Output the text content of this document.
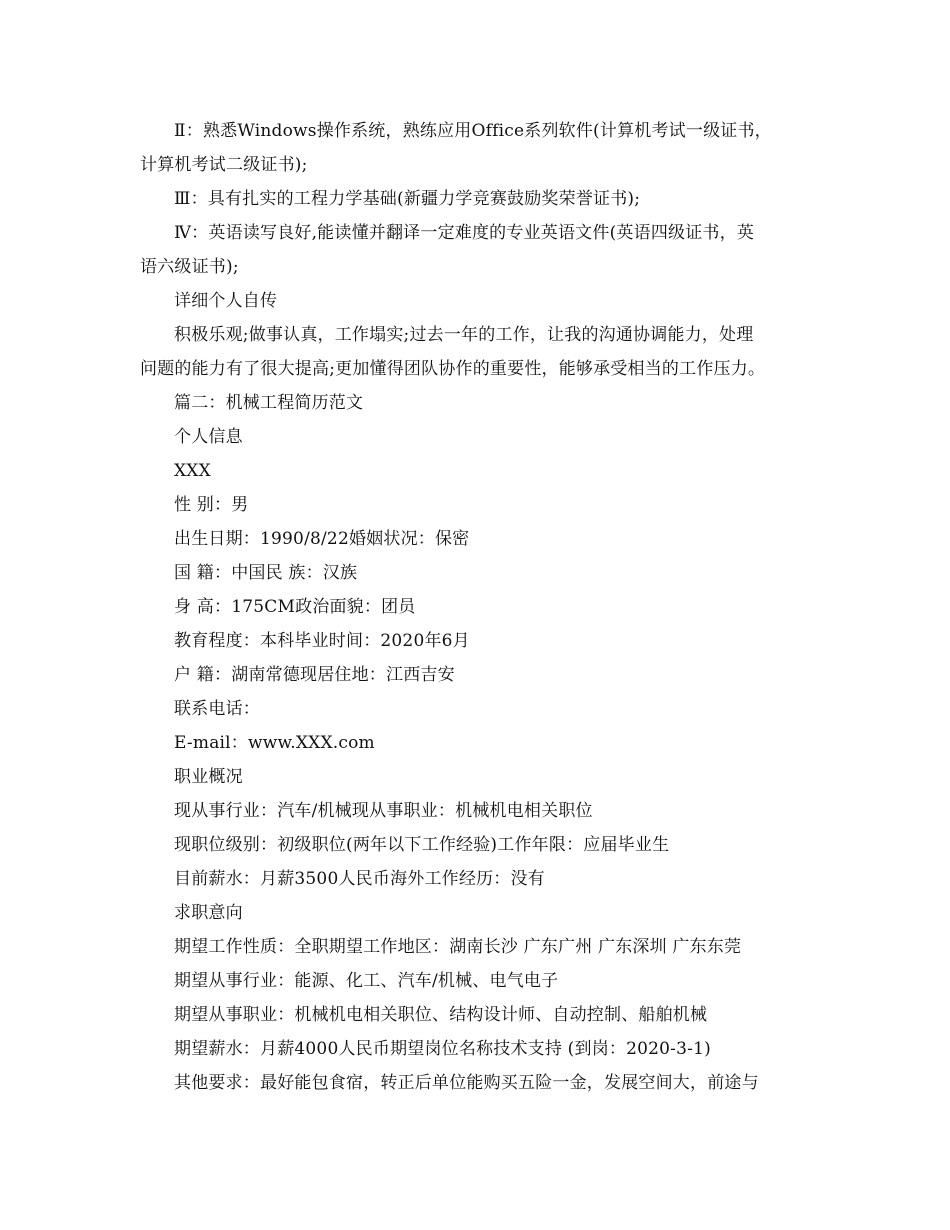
Ⅱ：熟悉Windows操作系统，熟练应用Office系列软件(计算机考试一级证书，
计算机考试二级证书);
Ⅲ：具有扎实的工程力学基础(新疆力学竞赛鼓励奖荣誉证书);
Ⅳ：英语读写良好,能读懂并翻译一定难度的专业英语文件(英语四级证书，英
语六级证书);
详细个人自传
积极乐观;做事认真，工作塌实;过去一年的工作，让我的沟通协调能力，处理
问题的能力有了很大提高;更加懂得团队协作的重要性，能够承受相当的工作压力。
篇二：机械工程简历范文
个人信息
XXX
性 别：男
出生日期：1990/8/22婚姻状况：保密
国 籍：中国民 族：汉族
身 高：175CM政治面貌：团员
教育程度：本科毕业时间：2020年6月
户 籍：湖南常德现居住地：江西吉安
联系电话：
E-mail：www.XXX.com
职业概况
现从事行业：汽车/机械现从事职业：机械机电相关职位
现职位级别：初级职位(两年以下工作经验)工作年限：应届毕业生
目前薪水：月薪3500人民币海外工作经历：没有
求职意向
期望工作性质：全职期望工作地区：湖南长沙 广东广州 广东深圳 广东东莞
期望从事行业：能源、化工、汽车/机械、电气电子
期望从事职业：机械机电相关职位、结构设计师、自动控制、船舶机械
期望薪水：月薪4000人民币期望岗位名称技术支持 (到岗：2020-3-1)
其他要求：最好能包食宿，转正后单位能购买五险一金，发展空间大，前途与
